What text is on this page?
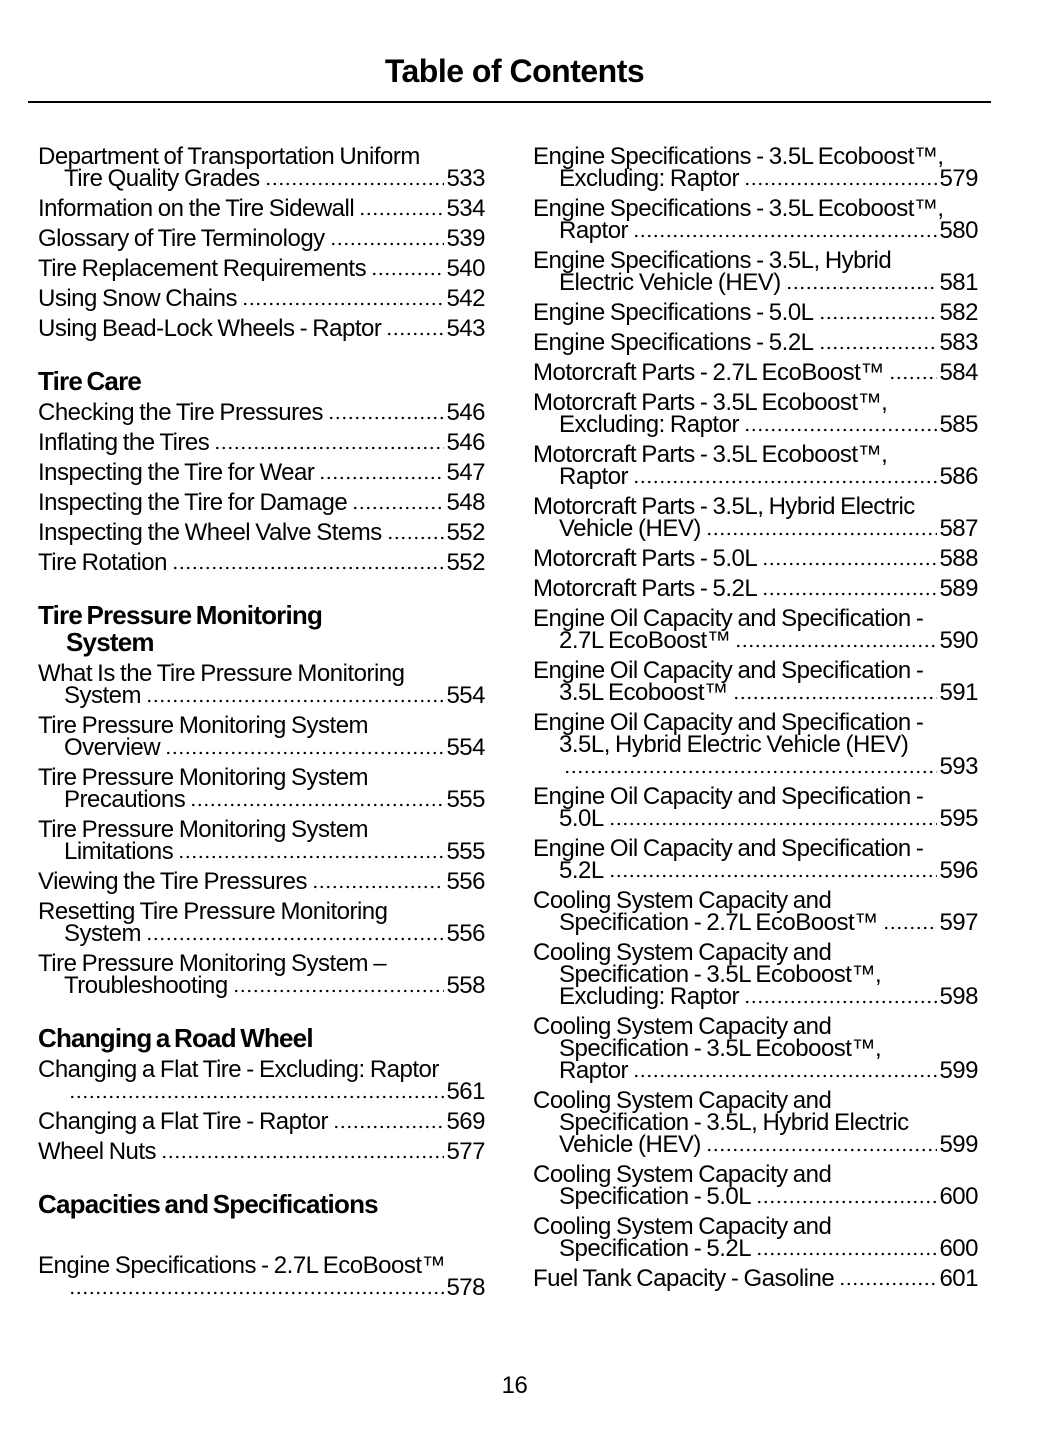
Table of Contents
Department of Transportation Uniform
Tire Quality Grades	533
Information on the Tire Sidewall	534
Glossary of Tire Terminology	539
Tire Replacement Requirements	540
Using Snow Chains	542
Using Bead-Lock Wheels - Raptor	543
Tire Care
Checking the Tire Pressures	546
Inflating the Tires	546
Inspecting the Tire for Wear	547
Inspecting the Tire for Damage	548
Inspecting the Wheel Valve Stems	552
Tire Rotation	552
Tire Pressure Monitoring
System
What Is the Tire Pressure Monitoring
System	554
Tire Pressure Monitoring System
Overview	554
Tire Pressure Monitoring System
Precautions	555
Tire Pressure Monitoring System
Limitations	555
Viewing the Tire Pressures	556
Resetting Tire Pressure Monitoring
System	556
Tire Pressure Monitoring System –
Troubleshooting	558
Changing a Road Wheel
Changing a Flat Tire - Excluding: Raptor
561
Changing a Flat Tire - Raptor	569
Wheel Nuts	577
Capacities and Specifications
Engine Specifications - 2.7L EcoBoost™
578
Engine Specifications - 3.5L Ecoboost™,
Excluding: Raptor	579
Engine Specifications - 3.5L Ecoboost™,
Raptor	580
Engine Specifications - 3.5L, Hybrid
Electric Vehicle (HEV)	581
Engine Specifications - 5.0L	582
Engine Specifications - 5.2L	583
Motorcraft Parts - 2.7L EcoBoost™ 584
Motorcraft Parts - 3.5L Ecoboost™,
Excluding: Raptor	585
Motorcraft Parts - 3.5L Ecoboost™,
Raptor	586
Motorcraft Parts - 3.5L, Hybrid Electric
Vehicle (HEV)	587
Motorcraft Parts - 5.0L	588
Motorcraft Parts - 5.2L	589
Engine Oil Capacity and Specification -
2.7L EcoBoost™	590
Engine Oil Capacity and Specification -
3.5L Ecoboost™	591
Engine Oil Capacity and Specification -
3.5L, Hybrid Electric Vehicle (HEV)
593
Engine Oil Capacity and Specification -
5.0L	595
Engine Oil Capacity and Specification -
5.2L	596
Cooling System Capacity and
Specification - 2.7L EcoBoost™	597
Cooling System Capacity and
Specification - 3.5L Ecoboost™,
Excluding: Raptor	598
Cooling System Capacity and
Specification - 3.5L Ecoboost™,
Raptor	599
Cooling System Capacity and
Specification - 3.5L, Hybrid Electric
Vehicle (HEV)	599
Cooling System Capacity and
Specification - 5.0L	600
Cooling System Capacity and
Specification - 5.2L	600
Fuel Tank Capacity - Gasoline	601
16
